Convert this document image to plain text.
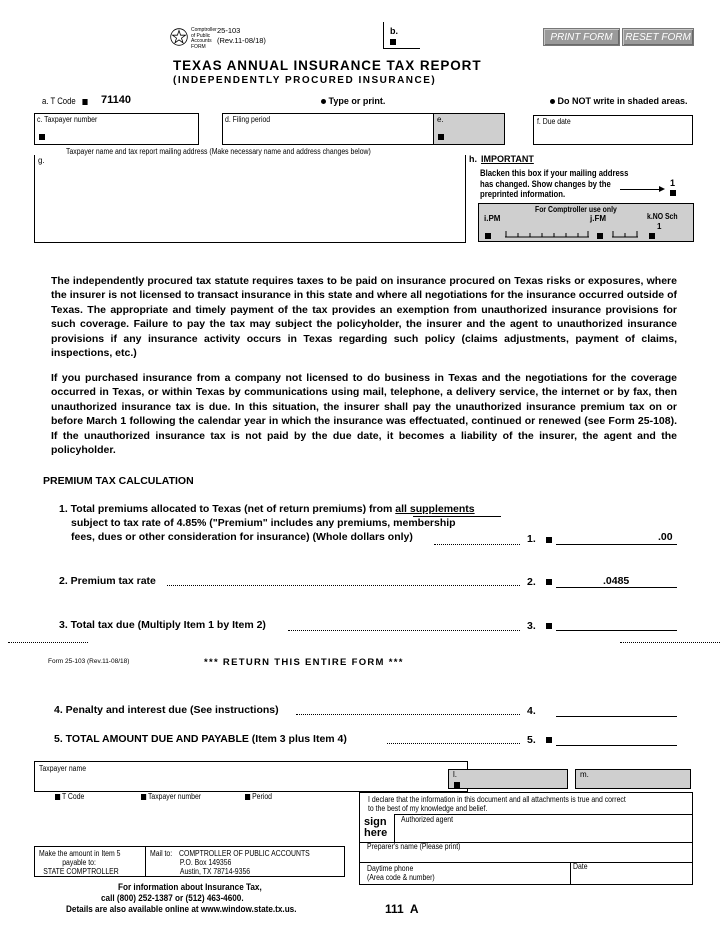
Comptroller
of Public
Accounts
FORM
25-103
(Rev.11-08/18)
b.
PRINT FORM	RESET FORM
TEXAS ANNUAL INSURANCE TAX REPORT
(INDEPENDENTLY PROCURED INSURANCE)
a. T Code	71140	Type or print.	Do NOT write in shaded areas.
c. Taxpayer number	d. Filing period	e.	f. Due date
Taxpayer name and tax report mailing address (Make necessary name and address changes below)
g.	h. IMPORTANT
Blacken this box if your mailing address
has changed. Show changes by the
preprinted information.
1
For Comptroller use only
i.PM	j.FM	k.NO Sch
1
The independently procured tax statute requires taxes to be paid on insurance procured on Texas risks or exposures, where the insurer is not licensed to transact insurance in this state and where all negotiations for the insurance occurred outside of Texas. The appropriate and timely payment of the tax provides an exemption from unauthorized insurance provisions for such coverage. Failure to pay the tax may subject the policyholder, the insurer and the agent to unauthorized insurance provisions if any insurance activity occurs in Texas regarding such policy (claims adjustments, payment of claims, inspections, etc.)
If you purchased insurance from a company not licensed to do business in Texas and the negotiations for the coverage occurred in Texas, or within Texas by communications using mail, telephone, a delivery service, the internet or by fax, then unauthorized insurance tax is due. In this situation, the insurer shall pay the unauthorized insurance premium tax on or before March 1 following the calendar year in which the insurance was effectuated, continued or renewed (see Form 25-108). If the unauthorized insurance tax is not paid by the due date, it becomes a liability of the insurer, the agent and the policyholder.
PREMIUM TAX CALCULATION
1. Total premiums allocated to Texas (net of return premiums) from all supplements
subject to tax rate of 4.85% ("Premium" includes any premiums, membership
fees, dues or other consideration for insurance) (Whole dollars only)	1.	.00
2. Premium tax rate	2.	.0485
3. Total tax due (Multiply Item 1 by Item 2)	3.
Form 25-103 (Rev.11-08/18)	*** RETURN THIS ENTIRE FORM ***
4. Penalty and interest due (See instructions)	4.
5. TOTAL AMOUNT DUE AND PAYABLE (Item 3 plus Item 4)	5.
Taxpayer name
l.	m.
T Code	Taxpayer number	Period	I declare that the information in this document and all attachments is true and correct
to the best of my knowledge and belief.
sign
here
Authorized agent
Preparer's name (Please print)
Daytime phone
(Area code & number)
Date
Make the amount in Item 5
payable to:
STATE COMPTROLLER
Mail to: COMPTROLLER OF PUBLIC ACCOUNTS
P.O. Box 149356
Austin, TX 78714-9356
For information about Insurance Tax,
call (800) 252-1387 or (512) 463-4600.
Details are also available online at www.window.state.tx.us.	111  A
